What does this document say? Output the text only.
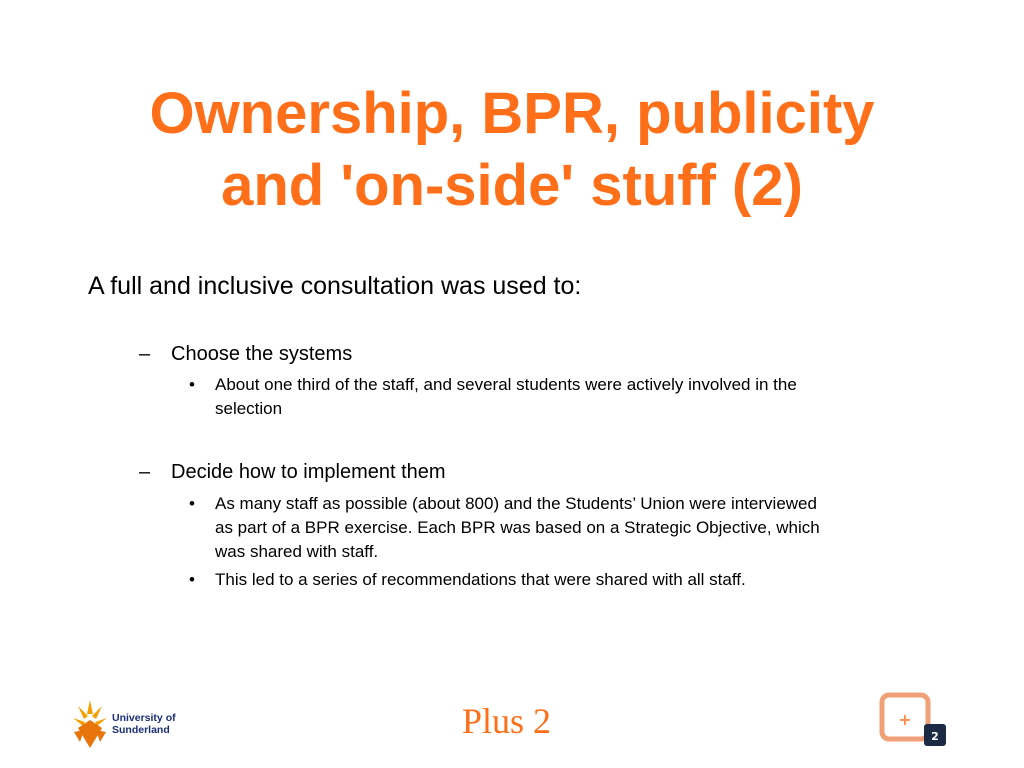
Ownership, BPR, publicity
and 'on-side' stuff (2)
A full and inclusive consultation was used to:
– Choose the systems
• About one third of the staff, and several students were actively involved in the
selection
– Decide how to implement them
• As many staff as possible (about 800) and the Students’ Union were interviewed
as part of a BPR exercise. Each BPR was based on a Strategic Objective, which
was shared with staff.
• This led to a series of recommendations that were shared with all staff.
University of
Sunderland	Plus 2	+
2
